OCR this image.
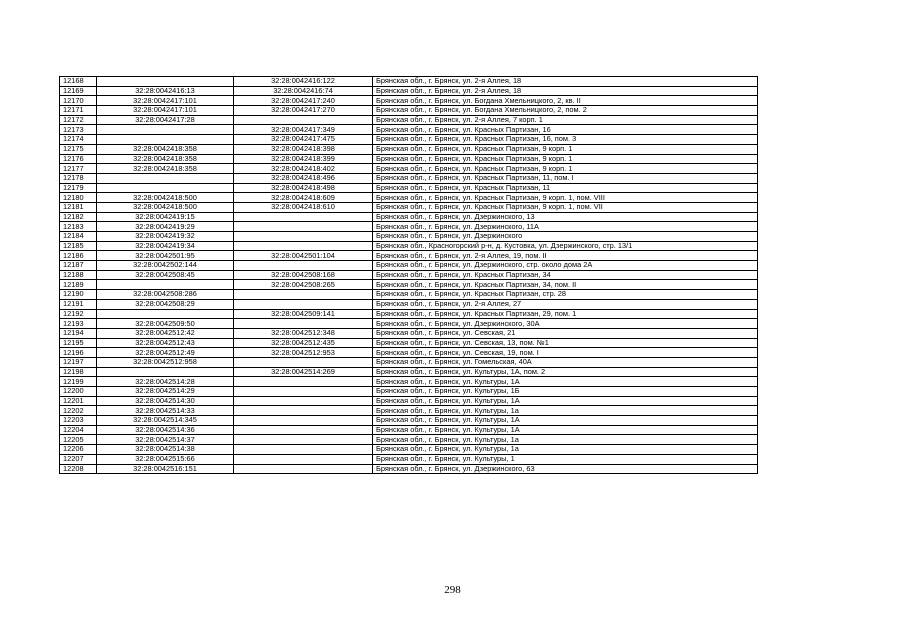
12168		32:28:0042416:122	Брянская обл., г. Брянск, ул. 2-я Аллея, 18
12169	32:28:0042416:13	32:28:0042416:74	Брянская обл., г. Брянск, ул. 2-я Аллея, 18
12170	32:28:0042417:101	32:28:0042417:240	Брянская обл., г. Брянск, ул. Богдана Хмельницкого, 2, кв. II
12171	32:28:0042417:101	32:28:0042417:270	Брянская обл., г. Брянск, ул. Богдана Хмельницкого, 2, пом. 2
12172	32:28:0042417:28		Брянская обл., г. Брянск, ул. 2-я Аллея, 7 корп. 1
12173		32:28:0042417:349	Брянская обл., г. Брянск, ул. Красных Партизан, 16
12174		32:28:0042417:475	Брянская обл., г. Брянск, ул. Красных Партизан, 16, пом. 3
12175	32:28:0042418:358	32:28:0042418:398	Брянская обл., г. Брянск, ул. Красных Партизан, 9 корп. 1
12176	32:28:0042418:358	32:28:0042418:399	Брянская обл., г. Брянск, ул. Красных Партизан, 9 корп. 1
12177	32:28:0042418:358	32:28:0042418:402	Брянская обл., г. Брянск, ул. Красных Партизан, 9 корп. 1
12178		32:28:0042418:496	Брянская обл., г. Брянск, ул. Красных Партизан, 11, пом. I
12179		32:28:0042418:498	Брянская обл., г. Брянск, ул. Красных Партизан, 11
12180	32:28:0042418:500	32:28:0042418:609	Брянская обл., г. Брянск, ул. Красных Партизан, 9 корп. 1, пом. VIII
12181	32:28:0042418:500	32:28:0042418:610	Брянская обл., г. Брянск, ул. Красных Партизан, 9 корп. 1, пом. VII
12182	32:28:0042419:15		Брянская обл., г. Брянск, ул. Дзержинского, 13
12183	32:28:0042419:29		Брянская обл., г. Брянск, ул. Дзержинского, 11А
12184	32:28:0042419:32		Брянская обл., г. Брянск, ул. Дзержинского
12185	32:28:0042419:34		Брянская обл., Красногорский р-н, д. Кустовка, ул. Дзержинского, стр. 13/1
12186	32:28:0042501:95	32:28:0042501:104	Брянская обл., г. Брянск, ул. 2-я Аллея, 19, пом. II
12187	32:28:0042502:144		Брянская обл., г. Брянск, ул. Дзержинского, стр. около дома 2А
12188	32:28:0042508:45	32:28:0042508:168	Брянская обл., г. Брянск, ул. Красных Партизан, 34
12189		32:28:0042508:265	Брянская обл., г. Брянск, ул. Красных Партизан, 34, пом. II
12190	32:28:0042508:286		Брянская обл., г. Брянск, ул. Красных Партизан, стр. 28
12191	32:28:0042508:29		Брянская обл., г. Брянск, ул. 2-я Аллея, 27
12192		32:28:0042509:141	Брянская обл., г. Брянск, ул. Красных Партизан, 29, пом. 1
12193	32:28:0042509:50		Брянская обл., г. Брянск, ул. Дзержинского, 30А
12194	32:28:0042512:42	32:28:0042512:348	Брянская обл., г. Брянск, ул. Севская, 21
12195	32:28:0042512:43	32:28:0042512:435	Брянская обл., г. Брянск, ул. Севская, 13, пом. №1
12196	32:28:0042512:49	32:28:0042512:953	Брянская обл., г. Брянск, ул. Севская, 19, пом. I
12197	32:28:0042512:958		Брянская обл., г. Брянск, ул. Гомельская, 40А
12198		32:28:0042514:269	Брянская обл., г. Брянск, ул. Культуры, 1А, пом. 2
12199	32:28:0042514:28		Брянская обл., г. Брянск, ул. Культуры, 1А
12200	32:28:0042514:29		Брянская обл., г. Брянск, ул. Культуры, 1Б
12201	32:28:0042514:30		Брянская обл., г. Брянск, ул. Культуры, 1А
12202	32:28:0042514:33		Брянская обл., г. Брянск, ул. Культуры, 1а
12203	32:28:0042514:345		Брянская обл., г. Брянск, ул. Культуры, 1А
12204	32:28:0042514:36		Брянская обл., г. Брянск, ул. Культуры, 1А
12205	32:28:0042514:37		Брянская обл., г. Брянск, ул. Культуры, 1а
12206	32:28:0042514:38		Брянская обл., г. Брянск, ул. Культуры, 1а
12207	32:28:0042515:66		Брянская обл., г. Брянск, ул. Культуры, 1
12208	32:28:0042516:151		Брянская обл., г. Брянск, ул. Дзержинского, 63
298
